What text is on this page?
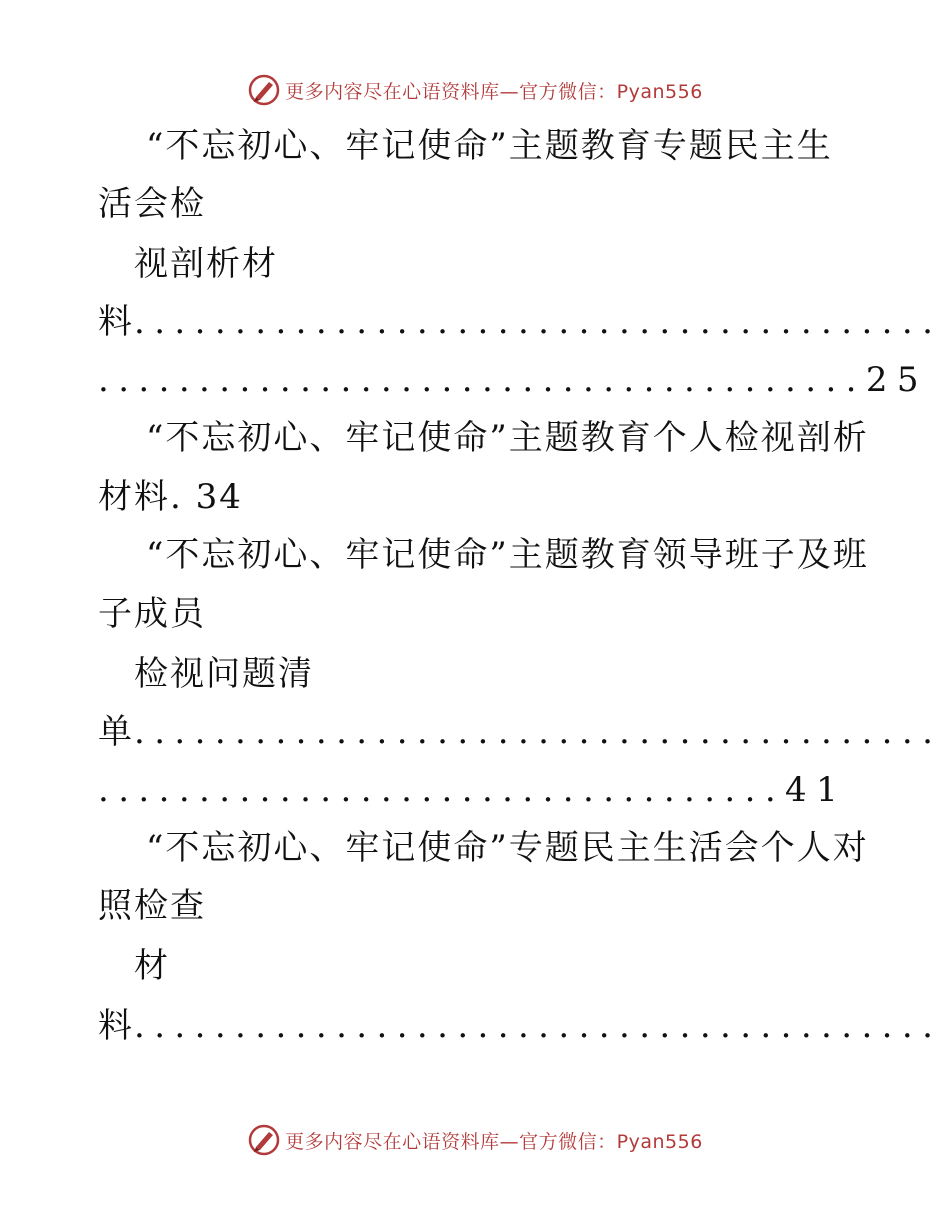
更多内容尽在心语资料库—官方微信：Pyan556
“不忘初心、牢记使命”主题教育专题民主生
活会检
视剖析材
料........................................
......................................25
“不忘初心、牢记使命”主题教育个人检视剖析
材料. 34
“不忘初心、牢记使命”主题教育领导班子及班
子成员
检视问题清
单........................................
..................................41
“不忘初心、牢记使命”专题民主生活会个人对
照检查
材
料........................................
更多内容尽在心语资料库—官方微信：Pyan556
